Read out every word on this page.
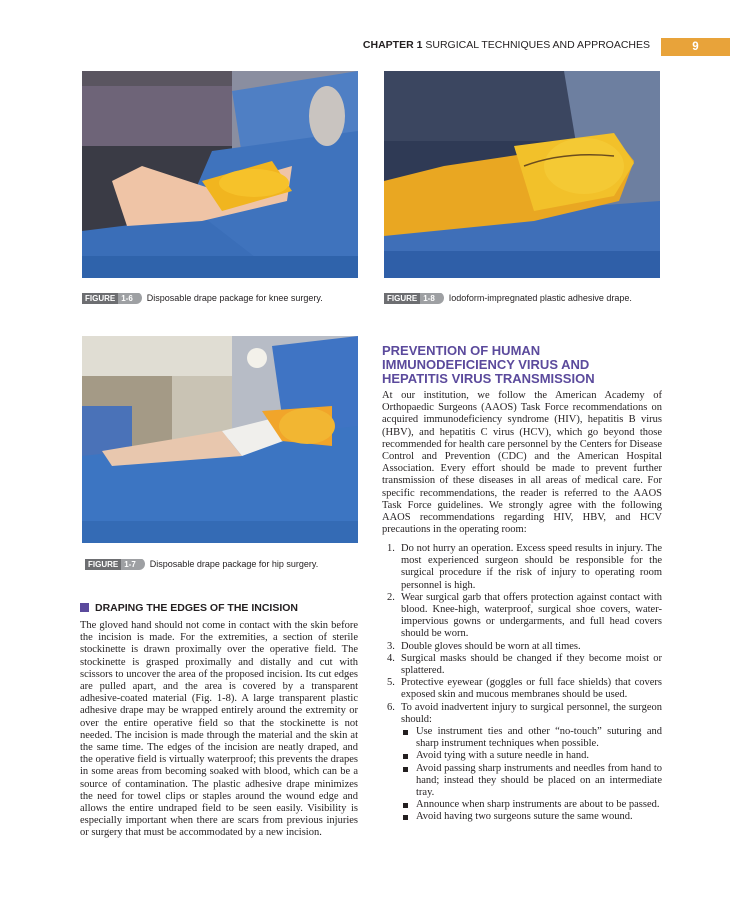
CHAPTER 1 SURGICAL TECHNIQUES AND APPROACHES	9
FIGURE 1-6 Disposable drape package for knee surgery.	FIGURE 1-8 Iodoform-impregnated plastic adhesive drape.
FIGURE 1-7 Disposable drape package for hip surgery.
DRAPING THE EDGES OF THE INCISION
The gloved hand should not come in contact with the skin before the incision is made. For the extremities, a section of sterile stockinette is drawn proximally over the operative field. The stockinette is grasped proximally and distally and cut with scissors to uncover the area of the proposed incision. Its cut edges are pulled apart, and the area is covered by a transparent adhesive-coated material (Fig. 1-8). A large transparent plastic adhesive drape may be wrapped entirely around the extremity or over the entire operative field so that the stockinette is not needed. The incision is made through the material and the skin at the same time. The edges of the incision are neatly draped, and the operative field is virtually waterproof; this prevents the drapes in some areas from becoming soaked with blood, which can be a source of contamination. The plastic adhesive drape minimizes the need for towel clips or staples around the wound edge and allows the entire undraped field to be seen easily. Visibility is especially important when there are scars from previous injuries or surgery that must be accommodated by a new incision.
PREVENTION OF HUMAN
IMMUNODEFICIENCY VIRUS AND
HEPATITIS VIRUS TRANSMISSION
At our institution, we follow the American Academy of Orthopaedic Surgeons (AAOS) Task Force recommendations on acquired immunodeficiency syndrome (HIV), hepatitis B virus (HBV), and hepatitis C virus (HCV), which go beyond those recommended for health care personnel by the Centers for Disease Control and Prevention (CDC) and the American Hospital Association. Every effort should be made to prevent further transmission of these diseases in all areas of medical care. For specific recommendations, the reader is referred to the AAOS Task Force guidelines. We strongly agree with the following AAOS recommendations regarding HIV, HBV, and HCV precautions in the operating room:
1. Do not hurry an operation. Excess speed results in injury. The most experienced surgeon should be responsible for the surgical procedure if the risk of injury to operating room personnel is high.
2. Wear surgical garb that offers protection against contact with blood. Knee-high, waterproof, surgical shoe covers, water-impervious gowns or undergarments, and full head covers should be worn.
3. Double gloves should be worn at all times.
4. Surgical masks should be changed if they become moist or splattered.
5. Protective eyewear (goggles or full face shields) that covers exposed skin and mucous membranes should be used.
6. To avoid inadvertent injury to surgical personnel, the surgeon should:
Use instrument ties and other “no-touch” suturing and sharp instrument techniques when possible.
Avoid tying with a suture needle in hand.
Avoid passing sharp instruments and needles from hand to hand; instead they should be placed on an intermediate tray.
Announce when sharp instruments are about to be passed.
Avoid having two surgeons suture the same wound.
